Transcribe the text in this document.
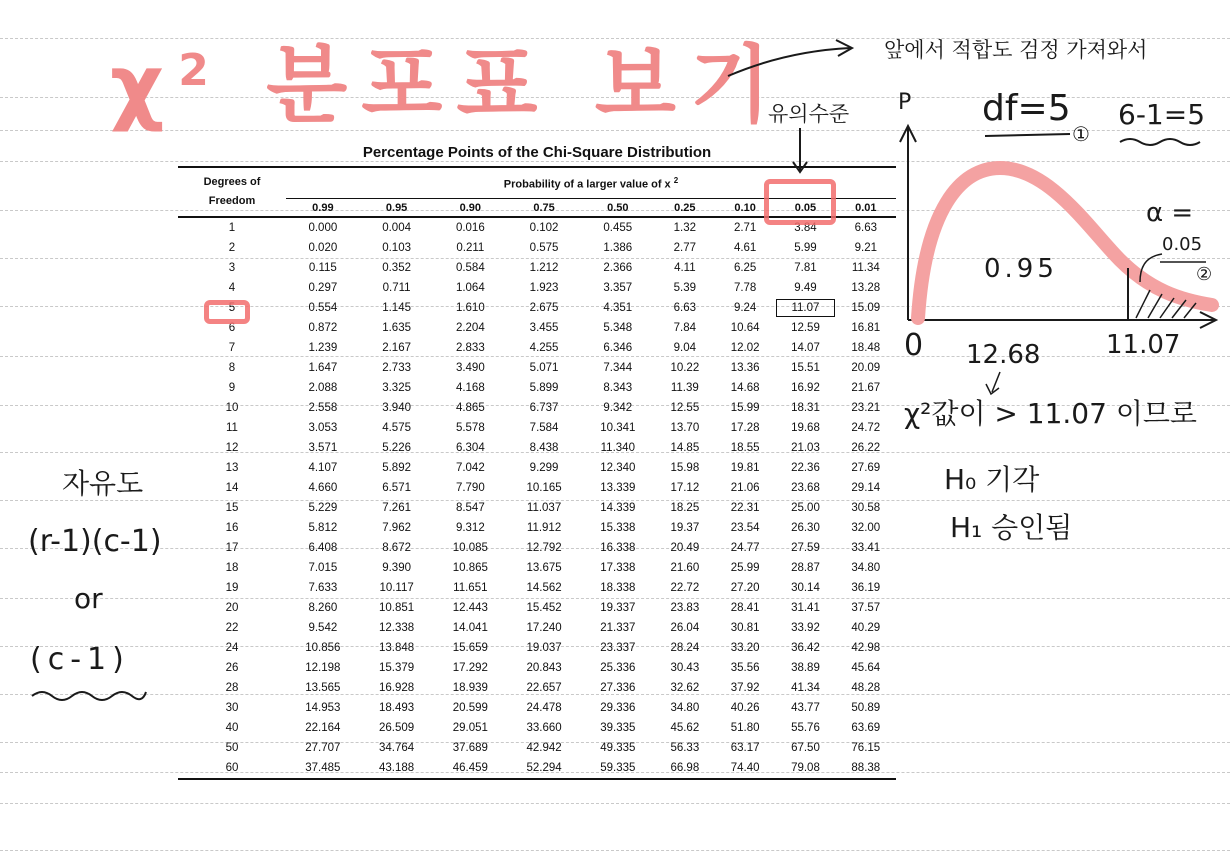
$\chi^2$ 분포표 보기
Percentage Points of the Chi-Square Distribution
Degrees of
Freedom	Probability of a larger value of x $^2$
	0.99	0.95	0.90	0.75	0.50	0.25	0.10	0.05	0.01
1	0.000	0.004	0.016	0.102	0.455	1.32	2.71	3.84	6.63
2	0.020	0.103	0.211	0.575	1.386	2.77	4.61	5.99	9.21
3	0.115	0.352	0.584	1.212	2.366	4.11	6.25	7.81	11.34
4	0.297	0.711	1.064	1.923	3.357	5.39	7.78	9.49	13.28
5	0.554	1.145	1.610	2.675	4.351	6.63	9.24	11.07	15.09
6	0.872	1.635	2.204	3.455	5.348	7.84	10.64	12.59	16.81
7	1.239	2.167	2.833	4.255	6.346	9.04	12.02	14.07	18.48
8	1.647	2.733	3.490	5.071	7.344	10.22	13.36	15.51	20.09
9	2.088	3.325	4.168	5.899	8.343	11.39	14.68	16.92	21.67
10	2.558	3.940	4.865	6.737	9.342	12.55	15.99	18.31	23.21
11	3.053	4.575	5.578	7.584	10.341	13.70	17.28	19.68	24.72
12	3.571	5.226	6.304	8.438	11.340	14.85	18.55	21.03	26.22
13	4.107	5.892	7.042	9.299	12.340	15.98	19.81	22.36	27.69
14	4.660	6.571	7.790	10.165	13.339	17.12	21.06	23.68	29.14
15	5.229	7.261	8.547	11.037	14.339	18.25	22.31	25.00	30.58
16	5.812	7.962	9.312	11.912	15.338	19.37	23.54	26.30	32.00
17	6.408	8.672	10.085	12.792	16.338	20.49	24.77	27.59	33.41
18	7.015	9.390	10.865	13.675	17.338	21.60	25.99	28.87	34.80
19	7.633	10.117	11.651	14.562	18.338	22.72	27.20	30.14	36.19
20	8.260	10.851	12.443	15.452	19.337	23.83	28.41	31.41	37.57
22	9.542	12.338	14.041	17.240	21.337	26.04	30.81	33.92	40.29
24	10.856	13.848	15.659	19.037	23.337	28.24	33.20	36.42	42.98
26	12.198	15.379	17.292	20.843	25.336	30.43	35.56	38.89	45.64
28	13.565	16.928	18.939	22.657	27.336	32.62	37.92	41.34	48.28
30	14.953	18.493	20.599	24.478	29.336	34.80	40.26	43.77	50.89
40	22.164	26.509	29.051	33.660	39.335	45.62	51.80	55.76	63.69
50	27.707	34.764	37.689	42.942	49.335	56.33	63.17	67.50	76.15
60	37.485	43.188	46.459	52.294	59.335	66.98	74.40	79.08	88.38
앞에서 적합도 검정 가져와서
유의수준	df=5
①
6-1=5
P
α =
0.05
②
0.95
0 12.68	11.07
χ²값이 > 11.07 이므로
H₀ 기각
H₁ 승인됨
자유도
(r-1)(c-1)
or
(c-1)
